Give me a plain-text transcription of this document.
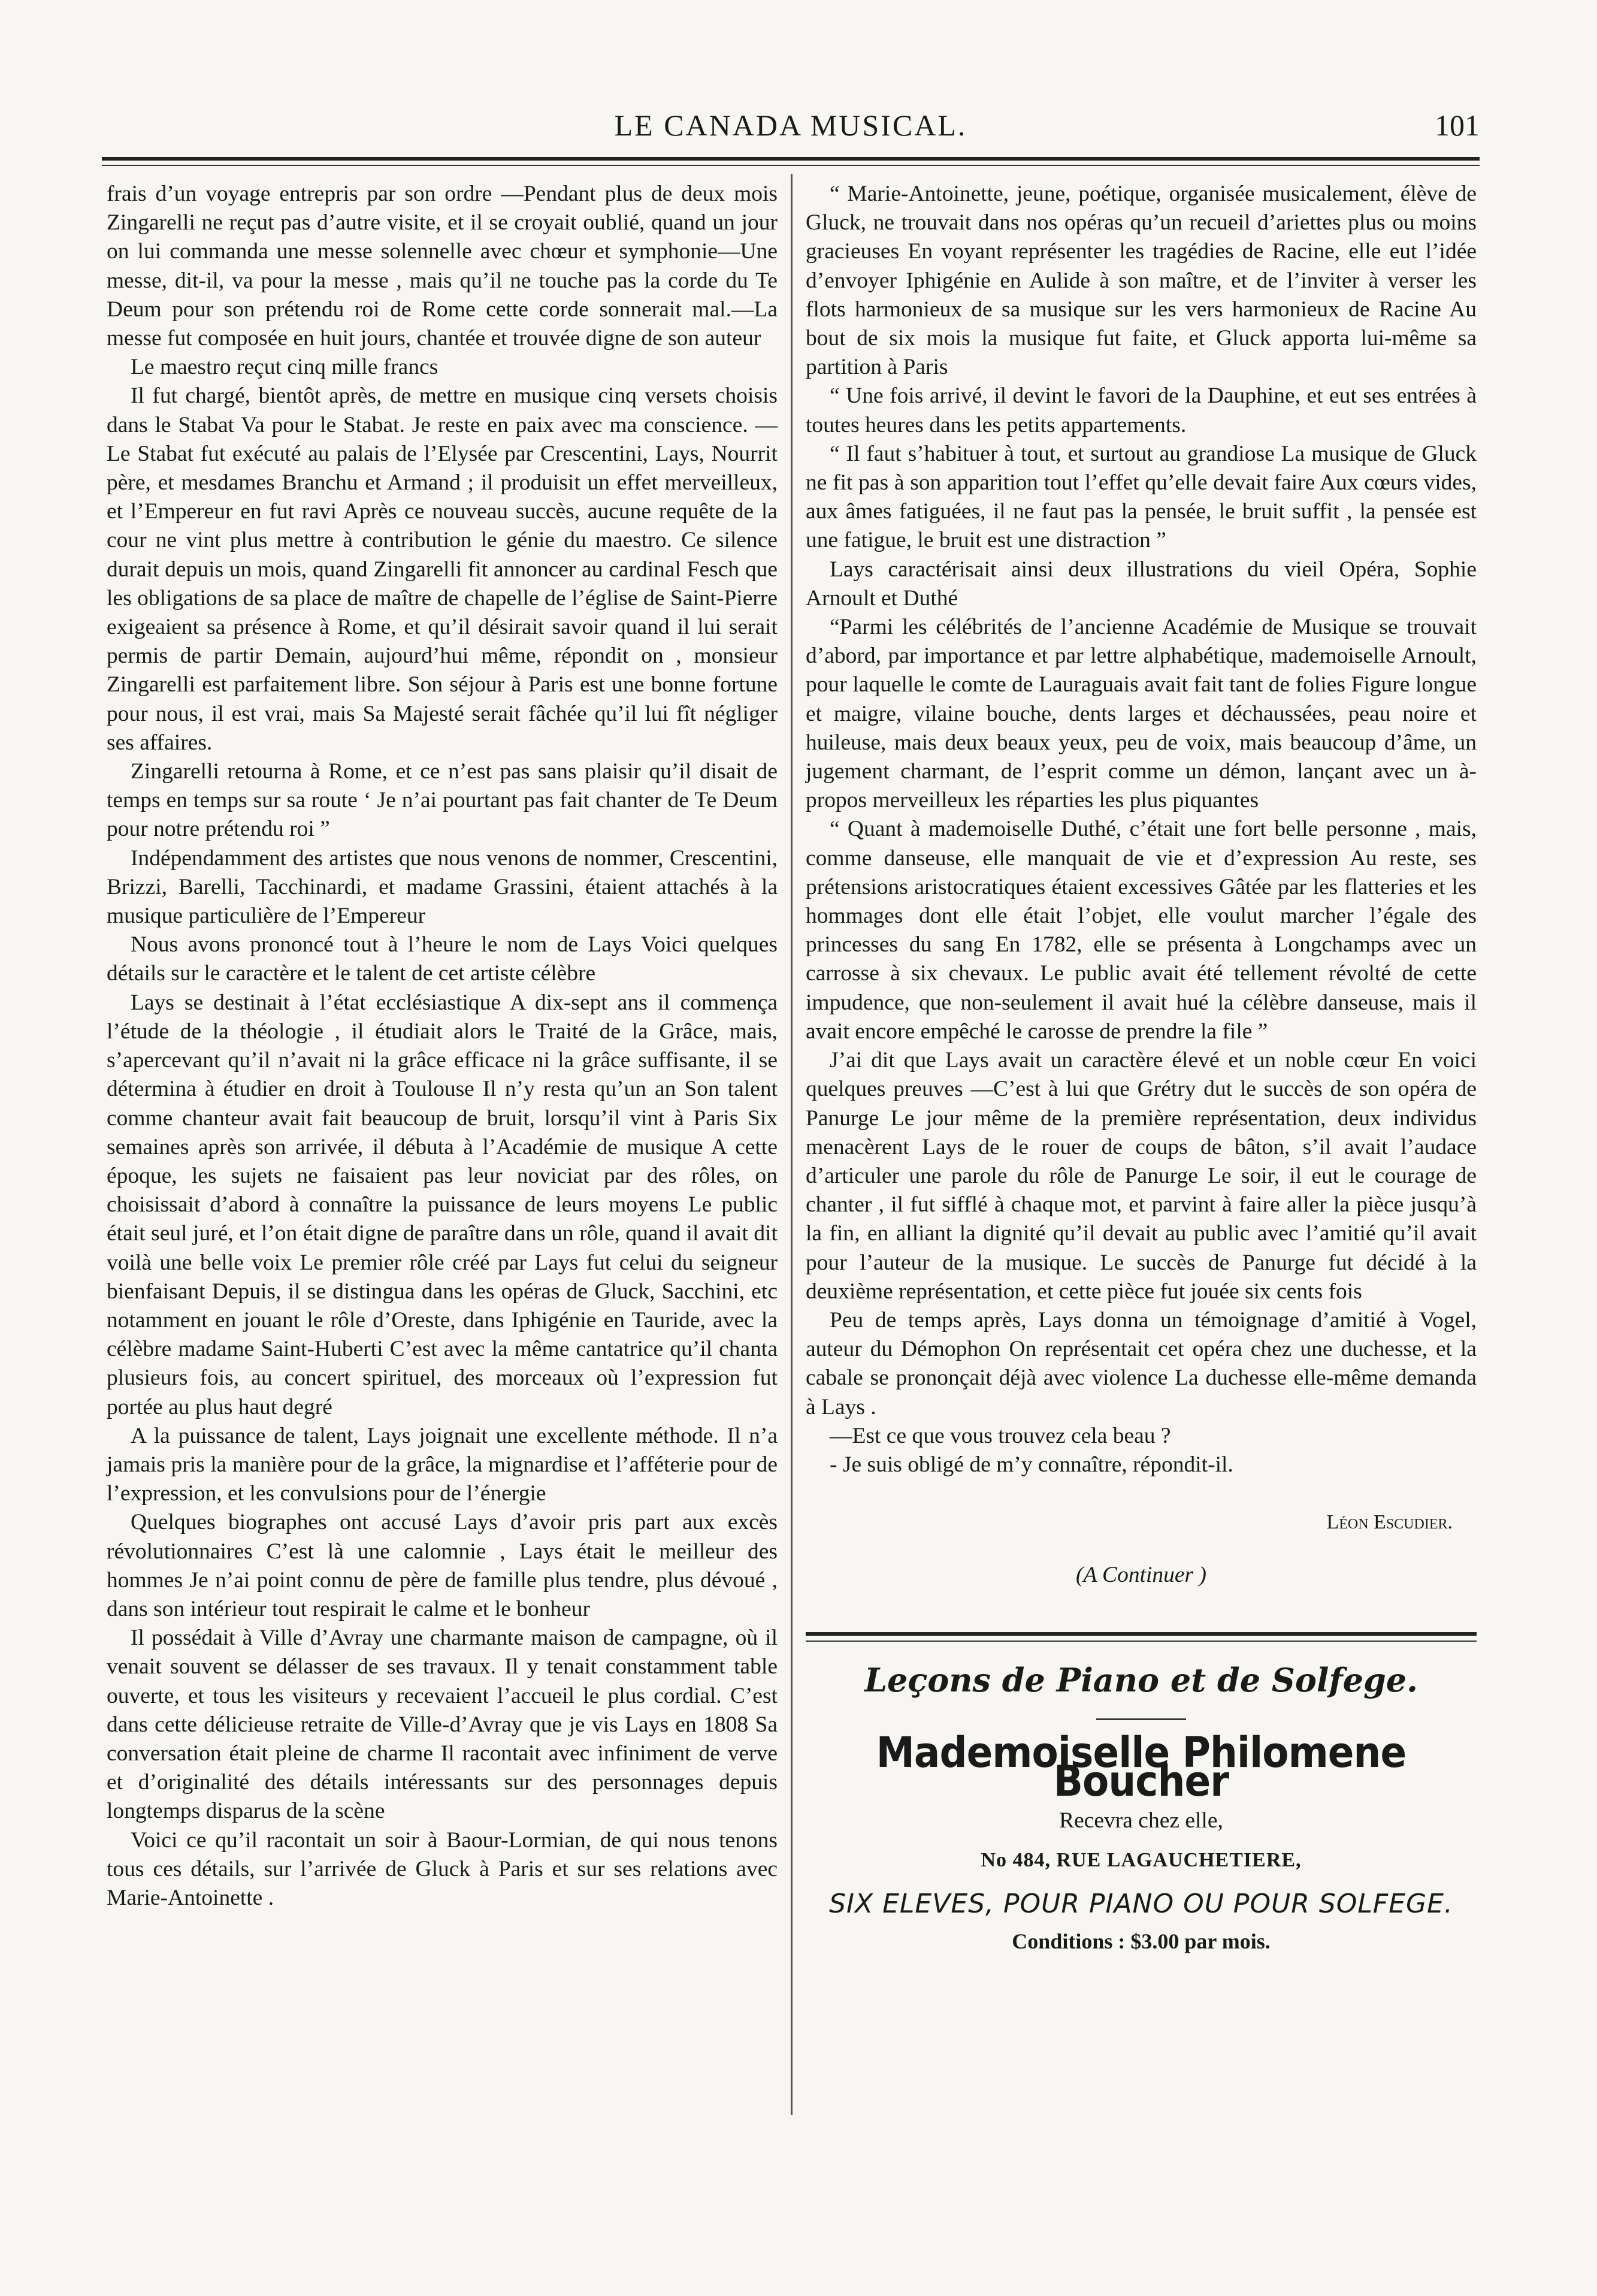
LE CANADA MUSICAL.	101

frais d’un voyage entrepris par son ordre —Pendant plus de deux mois Zingarelli ne reçut pas d’autre visite, et il se croyait oublié, quand un jour on lui commanda une messe solennelle avec chœur et symphonie—Une messe, dit-il, va pour la messe , mais qu’il ne touche pas la corde du Te Deum pour son prétendu roi de Rome cette corde sonnerait mal.—La messe fut composée en huit jours, chantée et trouvée digne de son auteur

Le maestro reçut cinq mille francs

Il fut chargé, bientôt après, de mettre en musique cinq versets choisis dans le Stabat Va pour le Stabat. Je reste en paix avec ma conscience. — Le Stabat fut exécuté au palais de l’Elysée par Crescentini, Lays, Nourrit père, et mesdames Branchu et Armand ; il produisit un effet merveilleux, et l’Empereur en fut ravi Après ce nouveau succès, aucune requête de la cour ne vint plus mettre à contribution le génie du maestro. Ce silence durait depuis un mois, quand Zingarelli fit annoncer au cardinal Fesch que les obligations de sa place de maître de chapelle de l’église de Saint-Pierre exigeaient sa présence à Rome, et qu’il désirait savoir quand il lui serait permis de partir Demain, aujourd’hui même, répondit on , monsieur Zingarelli est parfaitement libre. Son séjour à Paris est une bonne fortune pour nous, il est vrai, mais Sa Majesté serait fâchée qu’il lui fît négliger ses affaires.

Zingarelli retourna à Rome, et ce n’est pas sans plaisir qu’il disait de temps en temps sur sa route ‘ Je n’ai pourtant pas fait chanter de Te Deum pour notre prétendu roi ”

Indépendamment des artistes que nous venons de nommer, Crescentini, Brizzi, Barelli, Tacchinardi, et madame Grassini, étaient attachés à la musique particulière de l’Empereur

Nous avons prononcé tout à l’heure le nom de Lays Voici quelques détails sur le caractère et le talent de cet artiste célèbre

Lays se destinait à l’état ecclésiastique A dix-sept ans il commença l’étude de la théologie , il étudiait alors le Traité de la Grâce, mais, s’apercevant qu’il n’avait ni la grâce efficace ni la grâce suffisante, il se détermina à étudier en droit à Toulouse Il n’y resta qu’un an Son talent comme chanteur avait fait beaucoup de bruit, lorsqu’il vint à Paris Six semaines après son arrivée, il débuta à l’Académie de musique A cette époque, les sujets ne faisaient pas leur noviciat par des rôles, on choisissait d’abord à connaître la puissance de leurs moyens Le public était seul juré, et l’on était digne de paraître dans un rôle, quand il avait dit voilà une belle voix Le premier rôle créé par Lays fut celui du seigneur bienfaisant Depuis, il se distingua dans les opéras de Gluck, Sacchini, etc notamment en jouant le rôle d’Oreste, dans Iphigénie en Tauride, avec la célèbre madame Saint-Huberti C’est avec la même cantatrice qu’il chanta plusieurs fois, au concert spirituel, des morceaux où l’expression fut portée au plus haut degré

A la puissance de talent, Lays joignait une excellente méthode. Il n’a jamais pris la manière pour de la grâce, la mignardise et l’afféterie pour de l’expression, et les convulsions pour de l’énergie

Quelques biographes ont accusé Lays d’avoir pris part aux excès révolutionnaires C’est là une calomnie , Lays était le meilleur des hommes Je n’ai point connu de père de famille plus tendre, plus dévoué , dans son intérieur tout respirait le calme et le bonheur

Il possédait à Ville d’Avray une charmante maison de campagne, où il venait souvent se délasser de ses travaux. Il y tenait constamment table ouverte, et tous les visiteurs y recevaient l’accueil le plus cordial. C’est dans cette délicieuse retraite de Ville-d’Avray que je vis Lays en 1808 Sa conversation était pleine de charme Il racontait avec infiniment de verve et d’originalité des détails intéressants sur des personnages depuis longtemps disparus de la scène

Voici ce qu’il racontait un soir à Baour-Lormian, de qui nous tenons tous ces détails, sur l’arrivée de Gluck à Paris et sur ses relations avec Marie-Antoinette .

“ Marie-Antoinette, jeune, poétique, organisée musicalement, élève de Gluck, ne trouvait dans nos opéras qu’un recueil d’ariettes plus ou moins gracieuses En voyant représenter les tragédies de Racine, elle eut l’idée d’envoyer Iphigénie en Aulide à son maître, et de l’inviter à verser les flots harmonieux de sa musique sur les vers harmonieux de Racine Au bout de six mois la musique fut faite, et Gluck apporta lui-même sa partition à Paris

“ Une fois arrivé, il devint le favori de la Dauphine, et eut ses entrées à toutes heures dans les petits appartements.

“ Il faut s’habituer à tout, et surtout au grandiose La musique de Gluck ne fit pas à son apparition tout l’effet qu’elle devait faire Aux cœurs vides, aux âmes fatiguées, il ne faut pas la pensée, le bruit suffit , la pensée est une fatigue, le bruit est une distraction ”

Lays caractérisait ainsi deux illustrations du vieil Opéra, Sophie Arnoult et Duthé

“Parmi les célébrités de l’ancienne Académie de Musique se trouvait d’abord, par importance et par lettre alphabétique, mademoiselle Arnoult, pour laquelle le comte de Lauraguais avait fait tant de folies Figure longue et maigre, vilaine bouche, dents larges et déchaussées, peau noire et huileuse, mais deux beaux yeux, peu de voix, mais beaucoup d’âme, un jugement charmant, de l’esprit comme un démon, lançant avec un à-propos merveilleux les réparties les plus piquantes

“ Quant à mademoiselle Duthé, c’était une fort belle personne , mais, comme danseuse, elle manquait de vie et d’expression Au reste, ses prétensions aristocratiques étaient excessives Gâtée par les flatteries et les hommages dont elle était l’objet, elle voulut marcher l’égale des princesses du sang En 1782, elle se présenta à Longchamps avec un carrosse à six chevaux. Le public avait été tellement révolté de cette impudence, que non-seulement il avait hué la célèbre danseuse, mais il avait encore empêché le carosse de prendre la file ”

J’ai dit que Lays avait un caractère élevé et un noble cœur En voici quelques preuves —C’est à lui que Grétry dut le succès de son opéra de Panurge Le jour même de la première représentation, deux individus menacèrent Lays de le rouer de coups de bâton, s’il avait l’audace d’articuler une parole du rôle de Panurge Le soir, il eut le courage de chanter , il fut sifflé à chaque mot, et parvint à faire aller la pièce jusqu’à la fin, en alliant la dignité qu’il devait au public avec l’amitié qu’il avait pour l’auteur de la musique. Le succès de Panurge fut décidé à la deuxième représentation, et cette pièce fut jouée six cents fois

Peu de temps après, Lays donna un témoignage d’amitié à Vogel, auteur du Démophon On représentait cet opéra chez une duchesse, et la cabale se prononçait déjà avec violence La duchesse elle-même demanda à Lays .

—Est ce que vous trouvez cela beau ?

- Je suis obligé de m’y connaître, répondit-il.

Léon Escudier.
(A Continuer )
Leçons de Piano et de Solfege.
Mademoiselle Philomene Boucher
Recevra chez elle,
No 484, RUE LAGAUCHETIERE,
SIX ELEVES, POUR PIANO OU POUR SOLFEGE.
Conditions : $3.00 par mois.
